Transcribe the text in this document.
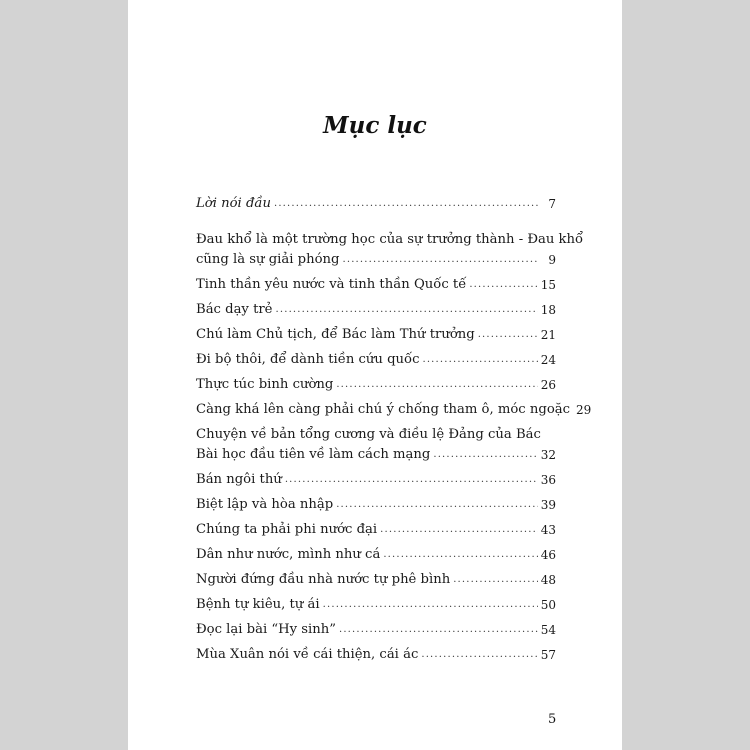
Mục lục
Lời nói đầu . . .	7
Đau khổ là một trường học của sự trưởng thành - Đau khổ
cũng là sự giải phóng . . .	9
Tinh thần yêu nước và tinh thần Quốc tế . . .	15
Bác dạy trẻ . . .	18
Chú làm Chủ tịch, để Bác làm Thứ trưởng . . .	21
Đi bộ thôi, để dành tiền cứu quốc . . .	24
Thực túc binh cường . . .	26
Càng khá lên càng phải chú ý chống tham ô, móc ngoặc 29
Chuyện về bản tổng cương và điều lệ Đảng của Bác
Bài học đầu tiên về làm cách mạng . . .	32
Bán ngôi thứ . . .	36
Biệt lập và hòa nhập . . .	39
Chúng ta phải phi nước đại . . .	43
Dân như nước, mình như cá . . .	46
Người đứng đầu nhà nước tự phê bình . . .	48
Bệnh tự kiêu, tự ái . . .	50
Đọc lại bài “Hy sinh” . . .	54
Mùa Xuân nói về cái thiện, cái ác . . .	57
5
